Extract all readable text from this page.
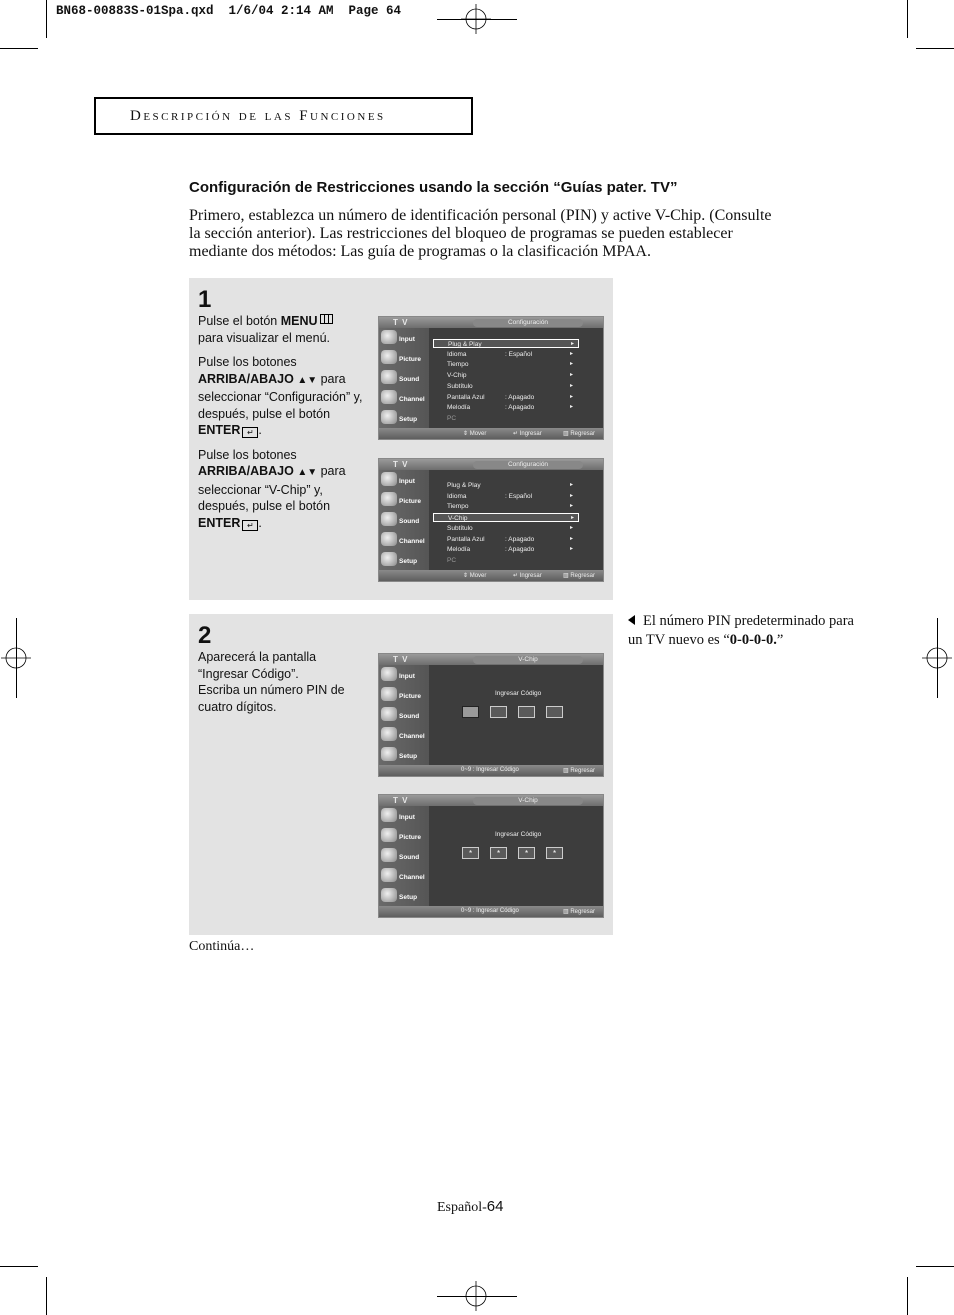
BN68-00883S-01Spa.qxd  1/6/04 2:14 AM  Page 64
Descripción de las Funciones
Configuración de Restricciones usando la sección “Guías pater. TV”
Primero, establezca un número de identificación personal (PIN) y active V-Chip. (Consulte la sección anterior). Las restricciones del bloqueo de programas se pueden establecer mediante dos métodos: Las guía de programas o la clasificación MPAA.
1

Pulse el botón MENU
para visualizar el menú.

Pulse los botones
ARRIBA/ABAJO ▲▼ para seleccionar “Configuración” y, después, pulse el botón
ENTER ↵ .

Pulse los botones
ARRIBA/ABAJO ▲▼ para seleccionar “V-Chip” y, después, pulse el botón
ENTER ↵ .

2
Aparecerá la pantalla “Ingresar Código”.
Escriba un número PIN de cuatro dígitos.
T V	Configuración
Input
Picture
Sound
Channel
Setup
Plug & Play	▸
Idioma	: Español	▸
Tiempo	▸
V-Chip	▸
Subtítulo	▸
Pantalla Azul	: Apagado	▸
Melodía	: Apagado	▸
PC
⇕ Mover	↵ Ingresar	▥ Regresar
T V	Configuración
Input
Picture
Sound
Channel
Setup
Plug & Play	▸
Idioma	: Español	▸
Tiempo	▸
V-Chip	▸
Subtítulo	▸
Pantalla Azul	: Apagado	▸
Melodía	: Apagado	▸
PC
⇕ Mover	↵ Ingresar	▥ Regresar
T V	V-Chip
Input
Picture
Sound
Channel
Setup
Ingresar Código
0~9 : Ingresar Código	▥ Regresar
T V	V-Chip
Input
Picture
Sound
Channel
Setup
Ingresar Código
*	*	*	*
0~9 : Ingresar Código	▥ Regresar
El número PIN predeterminado para un TV nuevo es “0-0-0-0.”
Continúa…
Español-64
